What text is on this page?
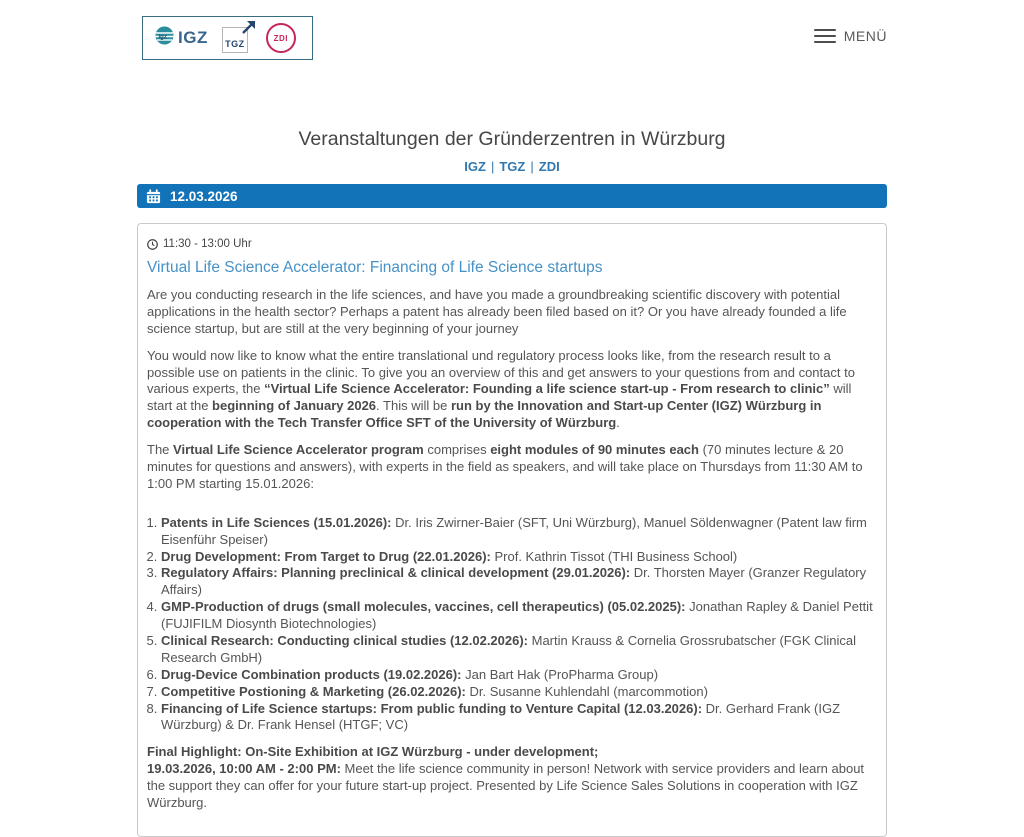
igz IGZ TGZ
ZDI	MENÜ
Veranstaltungen der Gründerzentren in Würzburg
IGZ | TGZ | ZDI
12.03.2026
11:30 - 13:00 Uhr
Virtual Life Science Accelerator: Financing of Life Science startups

Are you conducting research in the life sciences, and have you made a groundbreaking scientific discovery with potential applications in the health sector? Perhaps a patent has already been filed based on it? Or you have already founded a life science startup, but are still at the very beginning of your journey

You would now like to know what the entire translational und regulatory process looks like, from the research result to a possible use on patients in the clinic. To give you an overview of this and get answers to your questions from and contact to various experts, the “Virtual Life Science Accelerator: Founding a life science start-up - From research to clinic” will start at the beginning of January 2026. This will be run by the Innovation and Start-up Center (IGZ) Würzburg in cooperation with the Tech Transfer Office SFT of the University of Würzburg.

The Virtual Life Science Accelerator program comprises eight modules of 90 minutes each (70 minutes lecture & 20 minutes for questions and answers), with experts in the field as speakers, and will take place on Thursdays from 11:30 AM to 1:00 PM starting 15.01.2026:

1. Patents in Life Sciences (15.01.2026): Dr. Iris Zwirner-Baier (SFT, Uni Würzburg), Manuel Söldenwagner (Patent law firm Eisenführ Speiser)
2. Drug Development: From Target to Drug (22.01.2026): Prof. Kathrin Tissot (THI Business School)
3. Regulatory Affairs: Planning preclinical & clinical development (29.01.2026): Dr. Thorsten Mayer (Granzer Regulatory Affairs)
4. GMP-Production of drugs (small molecules, vaccines, cell therapeutics) (05.02.2025): Jonathan Rapley & Daniel Pettit (FUJIFILM Diosynth Biotechnologies)
5. Clinical Research: Conducting clinical studies (12.02.2026): Martin Krauss & Cornelia Grossrubatscher (FGK Clinical Research GmbH)
6. Drug-Device Combination products (19.02.2026): Jan Bart Hak (ProPharma Group)
7. Competitive Postioning & Marketing (26.02.2026): Dr. Susanne Kuhlendahl (marcommotion)
8. Financing of Life Science startups: From public funding to Venture Capital (12.03.2026): Dr. Gerhard Frank (IGZ Würzburg) & Dr. Frank Hensel (HTGF; VC)

Final Highlight: On-Site Exhibition at IGZ Würzburg - under development;
19.03.2026, 10:00 AM - 2:00 PM: Meet the life science community in person! Network with service providers and learn about the support they can offer for your future start-up project. Presented by Life Science Sales Solutions in cooperation with IGZ Würzburg.
